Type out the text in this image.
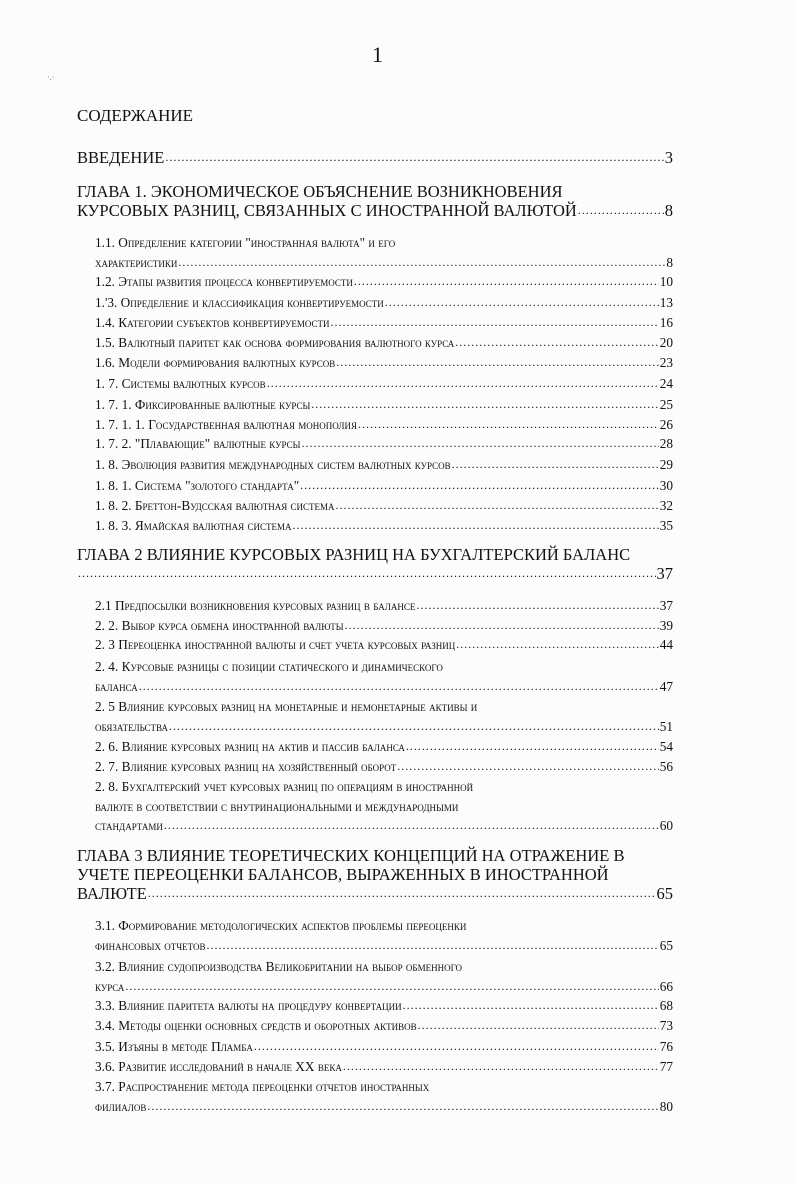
1
·.·
СОДЕРЖАНИЕ
ВВЕДЕНИЕ .....	3
ГЛАВА 1. ЭКОНОМИЧЕСКОЕ ОБЪЯСНЕНИЕ ВОЗНИКНОВЕНИЯ
КУРСОВЫХ РАЗНИЦ, СВЯЗАННЫХ С ИНОСТРАННОЙ ВАЛЮТОЙ .....	8
1.1. Определение категории "иностранная валюта" и его
характеристики .....	8
1.2. Этапы развития процесса конвертируемости .....	10
1.'3. Определение и классификация конвертируемости .....	13
1.4. Категории субъектов конвертируемости .....	16
1.5. Валютный паритет как основа формирования валютного курса .....	20
1.6. Модели формирования валютных курсов .....	23
1. 7. Системы валютных курсов .....	24
1. 7. 1. Фиксированные валютные курсы .....	25
1. 7. 1. 1. Государственная валютная монополия .....	26
1. 7. 2. "Плавающие" валютные курсы .....	28
1. 8. Эволюция развития международных систем валютных курсов .....	29
1. 8. 1. Система "золотого стандарта" .....	30
1. 8. 2. Бреттон-Вудсская валютная система .....	32
1. 8. 3. Ямайская валютная система .....	35
ГЛАВА 2 ВЛИЯНИЕ КУРСОВЫХ РАЗНИЦ НА БУХГАЛТЕРСКИЙ БАЛАНС
.....
37
2.1 Предпосылки возникновения курсовых разниц в балансе .....	37
2. 2. Выбор курса обмена иностранной валюты .....	39
2. 3 Переоценка иностранной валюты и счет учета курсовых разниц .....	44
2. 4. Курсовые разницы с позиции статического и динамического
баланса .....	47
2. 5 Влияние курсовых разниц на монетарные и немонетарные активы и
обязательства .....	51
2. 6. Влияние курсовых разниц на актив и пассив баланса .....	54
2. 7. Влияние курсовых разниц на хозяйственный оборот .....	56
2. 8. Бухгалтерский учет курсовых разниц по операциям в иностранной
валюте в соответствии с внутринациональными и международными
стандартами .....	60
ГЛАВА 3 ВЛИЯНИЕ ТЕОРЕТИЧЕСКИХ КОНЦЕПЦИЙ НА ОТРАЖЕНИЕ В
УЧЕТЕ ПЕРЕОЦЕНКИ БАЛАНСОВ, ВЫРАЖЕННЫХ В ИНОСТРАННОЙ
ВАЛЮТЕ .....	65
3.1. Формирование методологических аспектов проблемы переоценки
финансовых отчетов .....	65
3.2. Влияние судопроизводства Великобритании на выбор обменного
курса .....	66
3.3. Влияние паритета валюты на процедуру конвертации .....	68
3.4. Методы оценки основных средств и оборотных активов .....	73
3.5. Изъяны в методе Пламба .....	76
3.6. Развитие исследований в начале XX века .....	77
3.7. Распространение метода переоценки отчетов иностранных
филиалов .....	80
